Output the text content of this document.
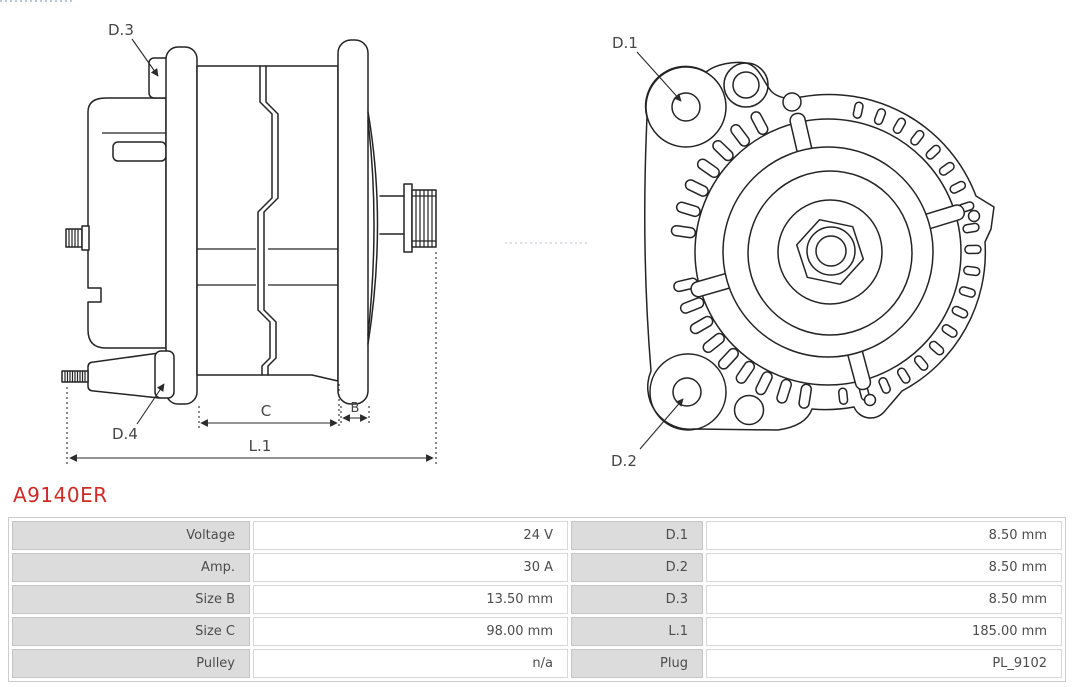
C	B
L.1
D.3
D.4
D.1
D.2
A9140ER
Voltage	24 V	D.1	8.50 mm
Amp.	30 A	D.2	8.50 mm
Size B	13.50 mm	D.3	8.50 mm
Size C	98.00 mm	L.1	185.00 mm
Pulley	n/a	Plug	PL_9102
